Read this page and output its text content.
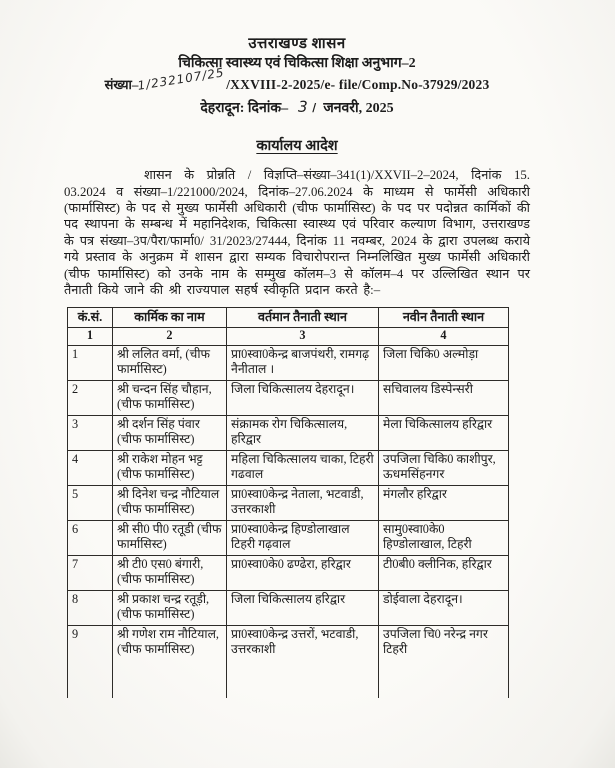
उत्तराखण्ड शासन
चिकित्सा स्वास्थ्य एवं चिकित्सा शिक्षा अनुभाग–2
संख्या–1/232107/25/XXVIII-2-2025/e- file/Comp.No-37929/2023
देहरादून: दिनांक– 3। जनवरी, 2025
कार्यालय आदेश

शासन के प्रोन्नति / विज्ञप्ति–संख्या–341(1)/XXVII–2–2024, दिनांक 15. 03.2024 व संख्या–1/221000/2024, दिनांक–27.06.2024 के माध्यम से फार्मेसी अधिकारी (फार्मासिस्ट) के पद से मुख्य फार्मेसी अधिकारी (चीफ फार्मासिस्ट) के पद पर पदोन्नत कार्मिकों की पद स्थापना के सम्बन्ध में महानिदेशक, चिकित्सा स्वास्थ्य एवं परिवार कल्याण विभाग, उत्तराखण्ड के पत्र संख्या–3प/पैरा/फार्मा0/ 31/2023/27444, दिनांक 11 नवम्बर, 2024 के द्वारा उपलब्ध कराये गये प्रस्ताव के अनुक्रम में शासन द्वारा सम्यक विचारोपरान्त निम्नलिखित मुख्य फार्मेसी अधिकारी (चीफ फार्मासिस्ट) को उनके नाम के सम्मुख कॉलम–3 से कॉलम–4 पर उल्लिखित स्थान पर तैनाती किये जाने की श्री राज्यपाल सहर्ष स्वीकृति प्रदान करते है:–

कं.सं.	कार्मिक का नाम	वर्तमान तैनाती स्थान	नवीन तैनाती स्थान
1	2	3	4
1	श्री ललित वर्मा, (चीफ फार्मासिस्ट)	प्रा0स्वा0केन्द्र बाजपंथरी, रामगढ़ नैनीताल ।	जिला चिकि0 अल्मोड़ा
2	श्री चन्दन सिंह चौहान, (चीफ फार्मासिस्ट)	जिला चिकित्सालय देहरादून।	सचिवालय डिस्पेन्सरी
3	श्री दर्शन सिंह पंवार (चीफ फार्मासिस्ट)	संक्रामक रोग चिकित्सालय, हरिद्वार	मेला चिकित्सालय हरिद्वार
4	श्री राकेश मोहन भट्ट (चीफ फार्मासिस्ट)	महिला चिकित्सालय चाका, टिहरी गढवाल	उपजिला चिकि0 काशीपुर, ऊधमसिंहनगर
5	श्री दिनेश चन्द्र नौटियाल (चीफ फार्मासिस्ट)	प्रा0स्वा0केन्द्र नेताला, भटवाडी, उत्तरकाशी	मंगलौर हरिद्वार
6	श्री सी0 पी0 रतूडी (चीफ फार्मासिस्ट)	प्रा0स्वा0केन्द्र हिण्डोलाखाल टिहरी गढ़वाल	सामु0स्वा0के0 हिण्डोलाखाल, टिहरी
7	श्री टी0 एस0 बंगारी, (चीफ फार्मासिस्ट)	प्रा0स्वा0के0 ढण्ढेरा, हरिद्वार	टी0बी0 क्लीनिक, हरिद्वार
8	श्री प्रकाश चन्द्र रतूड़ी, (चीफ फार्मासिस्ट)	जिला चिकित्सालय हरिद्वार	डोईवाला देहरादून।
9	श्री गणेश राम नौटियाल, (चीफ फार्मासिस्ट)	प्रा0स्वा0केन्द्र उत्तरों, भटवाडी, उत्तरकाशी	उपजिला चि0 नरेन्द्र नगर टिहरी
